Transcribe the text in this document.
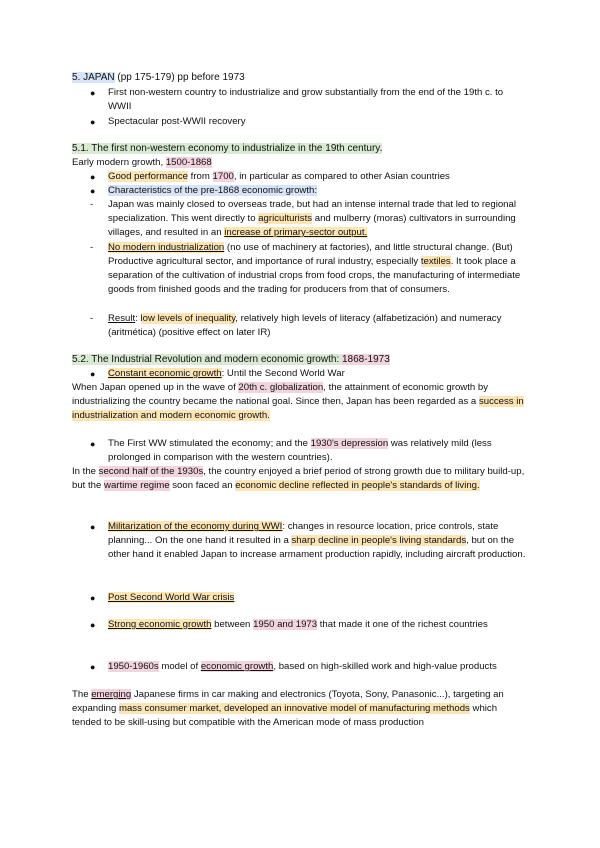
5. JAPAN (pp 175-179) pp before 1973

●	First non-western country to industrialize and grow substantially from the end of the 19th c. to WWII

●	Spectacular post-WWII recovery

5.1. The first non-western economy to industrialize in the 19th century.

Early modern growth, 1500-1868

●	Good performance from 1700, in particular as compared to other Asian countries

●	Characteristics of the pre-1868 economic growth:

-	Japan was mainly closed to overseas trade, but had an intense internal trade that led to regional specialization. This went directly to agriculturists and mulberry (moras) cultivators in surrounding villages, and resulted in an increase of primary-sector output.

-	No modern industrialization (no use of machinery at factories), and little structural change. (But) Productive agricultural sector, and importance of rural industry, especially textiles. It took place a separation of the cultivation of industrial crops from food crops, the manufacturing of intermediate goods from finished goods and the trading for producers from that of consumers.

-	Result: low levels of inequality, relatively high levels of literacy (alfabetización) and numeracy (aritmética) (positive effect on later IR)

5.2. The Industrial Revolution and modern economic growth: 1868-1973

●	Constant economic growth: Until the Second World War

When Japan opened up in the wave of 20th c. globalization, the attainment of economic growth by industrializing the country became the national goal. Since then, Japan has been regarded as a success in industrialization and modern economic growth.

●	The First WW stimulated the economy; and the 1930's depression was relatively mild (less prolonged in comparison with the western countries).

In the second half of the 1930s, the country enjoyed a brief period of strong growth due to military build-up, but the wartime regime soon faced an economic decline reflected in people's standards of living.

●	Militarization of the economy during WWI: changes in resource location, price controls, state planning... On the one hand it resulted in a sharp decline in people's living standards, but on the other hand it enabled Japan to increase armament production rapidly, including aircraft production.

●	Post Second World War crisis

●	Strong economic growth between 1950 and 1973 that made it one of the richest countries

●	1950-1960s model of economic growth, based on high-skilled work and high-value products

The emerging Japanese firms in car making and electronics (Toyota, Sony, Panasonic...), targeting an expanding mass consumer market, developed an innovative model of manufacturing methods which tended to be skill-using but compatible with the American mode of mass production
